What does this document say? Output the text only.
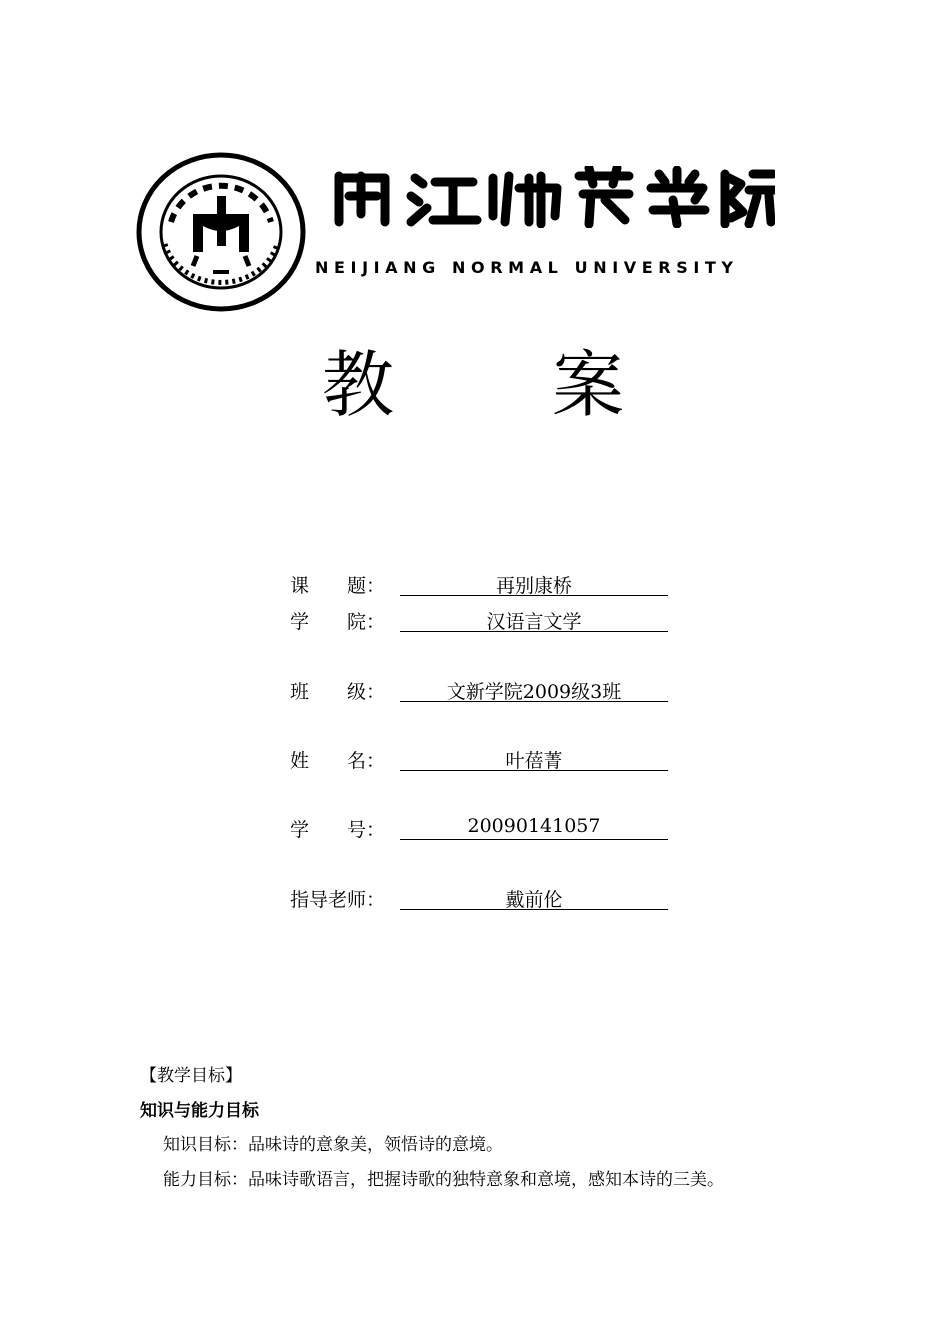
NEIJIANG NORMAL UNIVERSITY
教 案
课　　题：	再别康桥
学　　院：	汉语言文学
班　　级：	文新学院2009级3班
姓　　名：	叶蓓菁
学　　号：	20090141057
指导老师：	戴前伦
【教学目标】
知识与能力目标
知识目标：品味诗的意象美，领悟诗的意境。
能力目标：品味诗歌语言，把握诗歌的独特意象和意境，感知本诗的三美。
